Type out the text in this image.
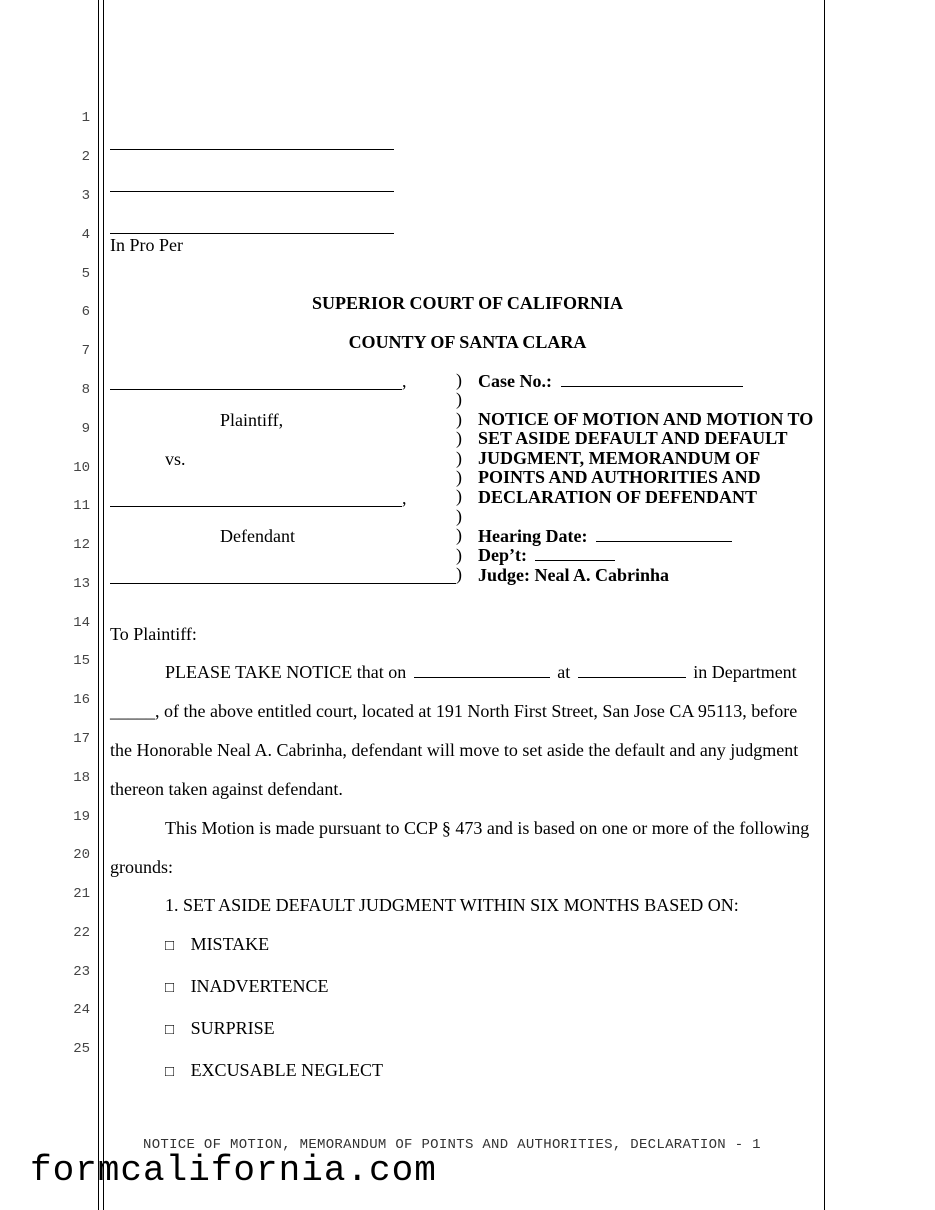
1
2
3
4
5
6
7
8
9
10
11
12
13
14
15
16
17
18
19
20
21
22
23
24
25
In Pro Per
SUPERIOR COURT OF CALIFORNIA
COUNTY OF SANTA CLARA
,
Plaintiff,
vs.
,
Defendant
)
)
)
)
)
)
)
)
)
)
)
Case No.:
NOTICE OF MOTION AND MOTION TO
SET ASIDE DEFAULT AND DEFAULT
JUDGMENT, MEMORANDUM OF
POINTS AND AUTHORITIES AND
DECLARATION OF DEFENDANT
Hearing Date:
Dep’t:
Judge: Neal A. Cabrinha
To Plaintiff:
PLEASE TAKE NOTICE that on	at	in Department
_____, of the above entitled court, located at 191 North First Street, San Jose CA 95113, before
the Honorable Neal A. Cabrinha, defendant will move to set aside the default and any judgment
thereon taken against defendant.
This Motion is made pursuant to CCP § 473 and is based on one or more of the following
grounds:
1. SET ASIDE DEFAULT JUDGMENT WITHIN SIX MONTHS BASED ON:
□ MISTAKE
□ INADVERTENCE
□ SURPRISE
□ EXCUSABLE NEGLECT
NOTICE OF MOTION, MEMORANDUM OF POINTS AND AUTHORITIES, DECLARATION - 1
formcalifornia.com
